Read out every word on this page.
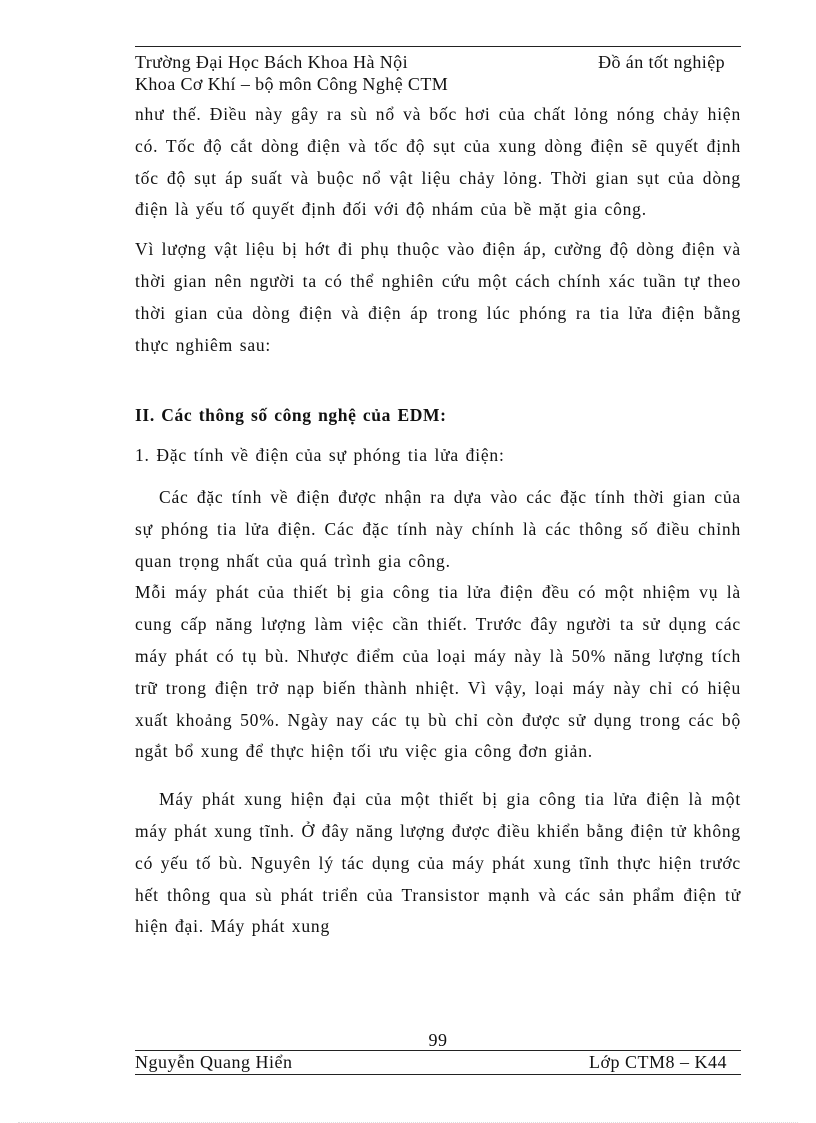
Trường Đại Học Bách Khoa Hà Nội	Đồ án tốt nghiệp
Khoa Cơ Khí – bộ môn Công Nghệ CTM

như thế. Điều này gây ra sù nổ và bốc hơi của chất lỏng nóng chảy hiện có. Tốc độ cắt dòng điện và tốc độ sụt của xung dòng điện sẽ quyết định tốc độ sụt áp suất và buộc nổ vật liệu chảy lỏng. Thời gian sụt của dòng điện là yếu tố quyết định đối với độ nhám của bề mặt gia công.

Vì lượng vật liệu bị hớt đi phụ thuộc vào điện áp, cường độ dòng điện và thời gian nên người ta có thể nghiên cứu một cách chính xác tuần tự theo thời gian của dòng điện và điện áp trong lúc phóng ra tia lửa điện bằng thực nghiêm sau:

II. Các thông số công nghệ của EDM:

1. Đặc tính về điện của sự phóng tia lửa điện:

Các đặc tính về điện được nhận ra dựa vào các đặc tính thời gian của sự phóng tia lửa điện. Các đặc tính này chính là các thông số điều chỉnh quan trọng nhất của quá trình gia công.

Mỗi máy phát của thiết bị gia công tia lửa điện đều có một nhiệm vụ là cung cấp năng lượng làm việc cần thiết. Trước đây người ta sử dụng các máy phát có tụ bù. Nhược điểm của loại máy này là 50% năng lượng tích trữ trong điện trở nạp biến thành nhiệt. Vì vậy, loại máy này chỉ có hiệu xuất khoảng 50%. Ngày nay các tụ bù chỉ còn được sử dụng trong các bộ ngắt bổ xung để thực hiện tối ưu việc gia công đơn giản.

Máy phát xung hiện đại của một thiết bị gia công tia lửa điện là một máy phát xung tĩnh. Ở đây năng lượng được điều khiển bằng điện tử không có yếu tố bù. Nguyên lý tác dụng của máy phát xung tĩnh thực hiện trước hết thông qua sù phát triển của Transistor mạnh và các sản phẩm điện tử hiện đại. Máy phát xung

99
Nguyễn Quang Hiển	Lớp CTM8 – K44
